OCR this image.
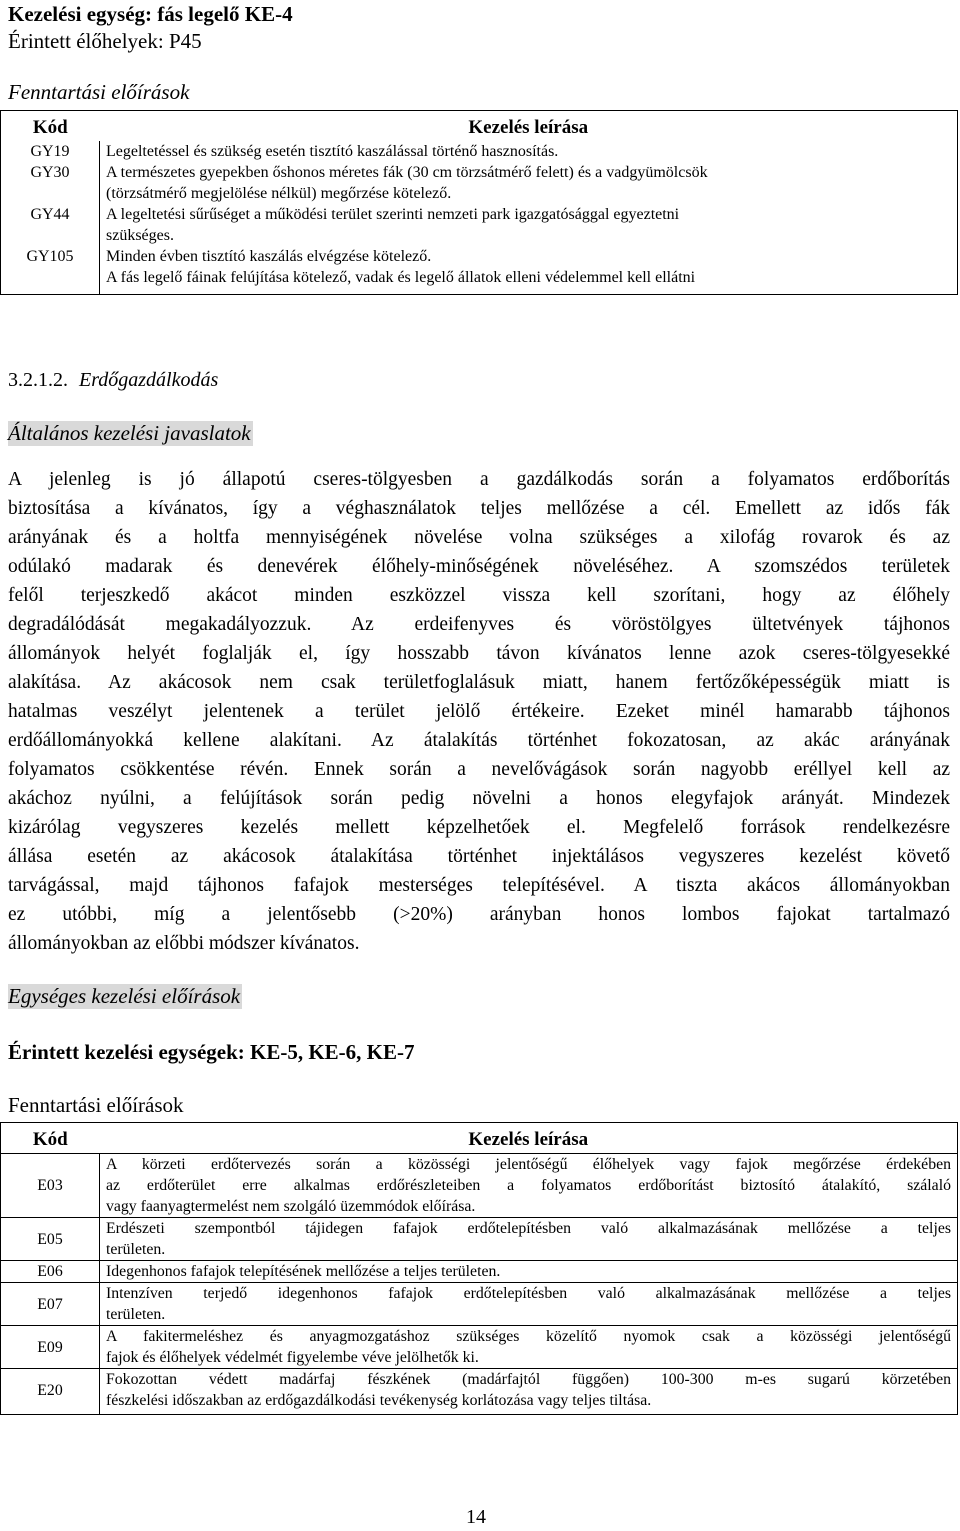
Kezelési egység: fás legelő KE-4
Érintett élőhelyek: P45
Fenntartási előírások
Kód	Kezelés leírása
GY19	Legeltetéssel és szükség esetén tisztító kaszálással történő hasznosítás.

GY30	A természetes gyepekben őshonos méretes fák (30 cm törzsátmérő felett) és a vadgyümölcsök
(törzsátmérő megjelölése nélkül) megőrzése kötelező.

GY44	A legeltetési sűrűséget a működési terület szerinti nemzeti park igazgatósággal egyeztetni
szükséges.

GY105	Minden évben tisztító kaszálás elvégzése kötelező.
A fás legelő fáinak felújítása kötelező, vadak és legelő állatok elleni védelemmel kell ellátni
3.2.1.2. Erdőgazdálkodás
Általános kezelési javaslatok
A jelenleg is jó állapotú cseres-tölgyesben a gazdálkodás során a folyamatos erdőborítás
biztosítása a kívánatos, így a véghasználatok teljes mellőzése a cél. Emellett az idős fák
arányának és a holtfa mennyiségének növelése volna szükséges a xilofág rovarok és az
odúlakó madarak és denevérek élőhely-minőségének növeléséhez. A szomszédos területek
felől terjeszkedő akácot minden eszközzel vissza kell szorítani, hogy az élőhely
degradálódását megakadályozzuk. Az erdeifenyves és vöröstölgyes ültetvények tájhonos
állományok helyét foglalják el, így hosszabb távon kívánatos lenne azok cseres-tölgyesekké
alakítása. Az akácosok nem csak területfoglalásuk miatt, hanem fertőzőképességük miatt is
hatalmas veszélyt jelentenek a terület jelölő értékeire. Ezeket minél hamarabb tájhonos
erdőállományokká kellene alakítani. Az átalakítás történhet fokozatosan, az akác arányának
folyamatos csökkentése révén. Ennek során a nevelővágások során nagyobb eréllyel kell az
akáchoz nyúlni, a felújítások során pedig növelni a honos elegyfajok arányát. Mindezek
kizárólag vegyszeres kezelés mellett képzelhetőek el. Megfelelő források rendelkezésre
állása esetén az akácosok átalakítása történhet injektálásos vegyszeres kezelést követő
tarvágással, majd tájhonos fafajok mesterséges telepítésével. A tiszta akácos állományokban
ez utóbbi, míg a jelentősebb (>20%) arányban honos lombos fajokat tartalmazó
állományokban az előbbi módszer kívánatos.
Egységes kezelési előírások
Érintett kezelési egységek: KE-5, KE-6, KE-7
Fenntartási előírások
Kód	Kezelés leírása
E03	A körzeti erdőtervezés során a közösségi jelentőségű élőhelyek vagy fajok megőrzése érdekében
az erdőterület erre alkalmas erdőrészleteiben a folyamatos erdőborítást biztosító átalakító, szálaló
vagy faanyagtermelést nem szolgáló üzemmódok előírása.

E05	Erdészeti szempontból tájidegen fafajok erdőtelepítésben való alkalmazásának mellőzése a teljes
területen.

E06	Idegenhonos fafajok telepítésének mellőzése a teljes területen.

E07	Intenzíven terjedő idegenhonos fafajok erdőtelepítésben való alkalmazásának mellőzése a teljes
területen.

E09	A fakitermeléshez és anyagmozgatáshoz szükséges közelítő nyomok csak a közösségi jelentőségű
fajok és élőhelyek védelmét figyelembe véve jelölhetők ki.

E20	Fokozottan védett madárfaj fészkének (madárfajtól függően) 100-300 m-es sugarú körzetében
fészkelési időszakban az erdőgazdálkodási tevékenység korlátozása vagy teljes tiltása.
14
